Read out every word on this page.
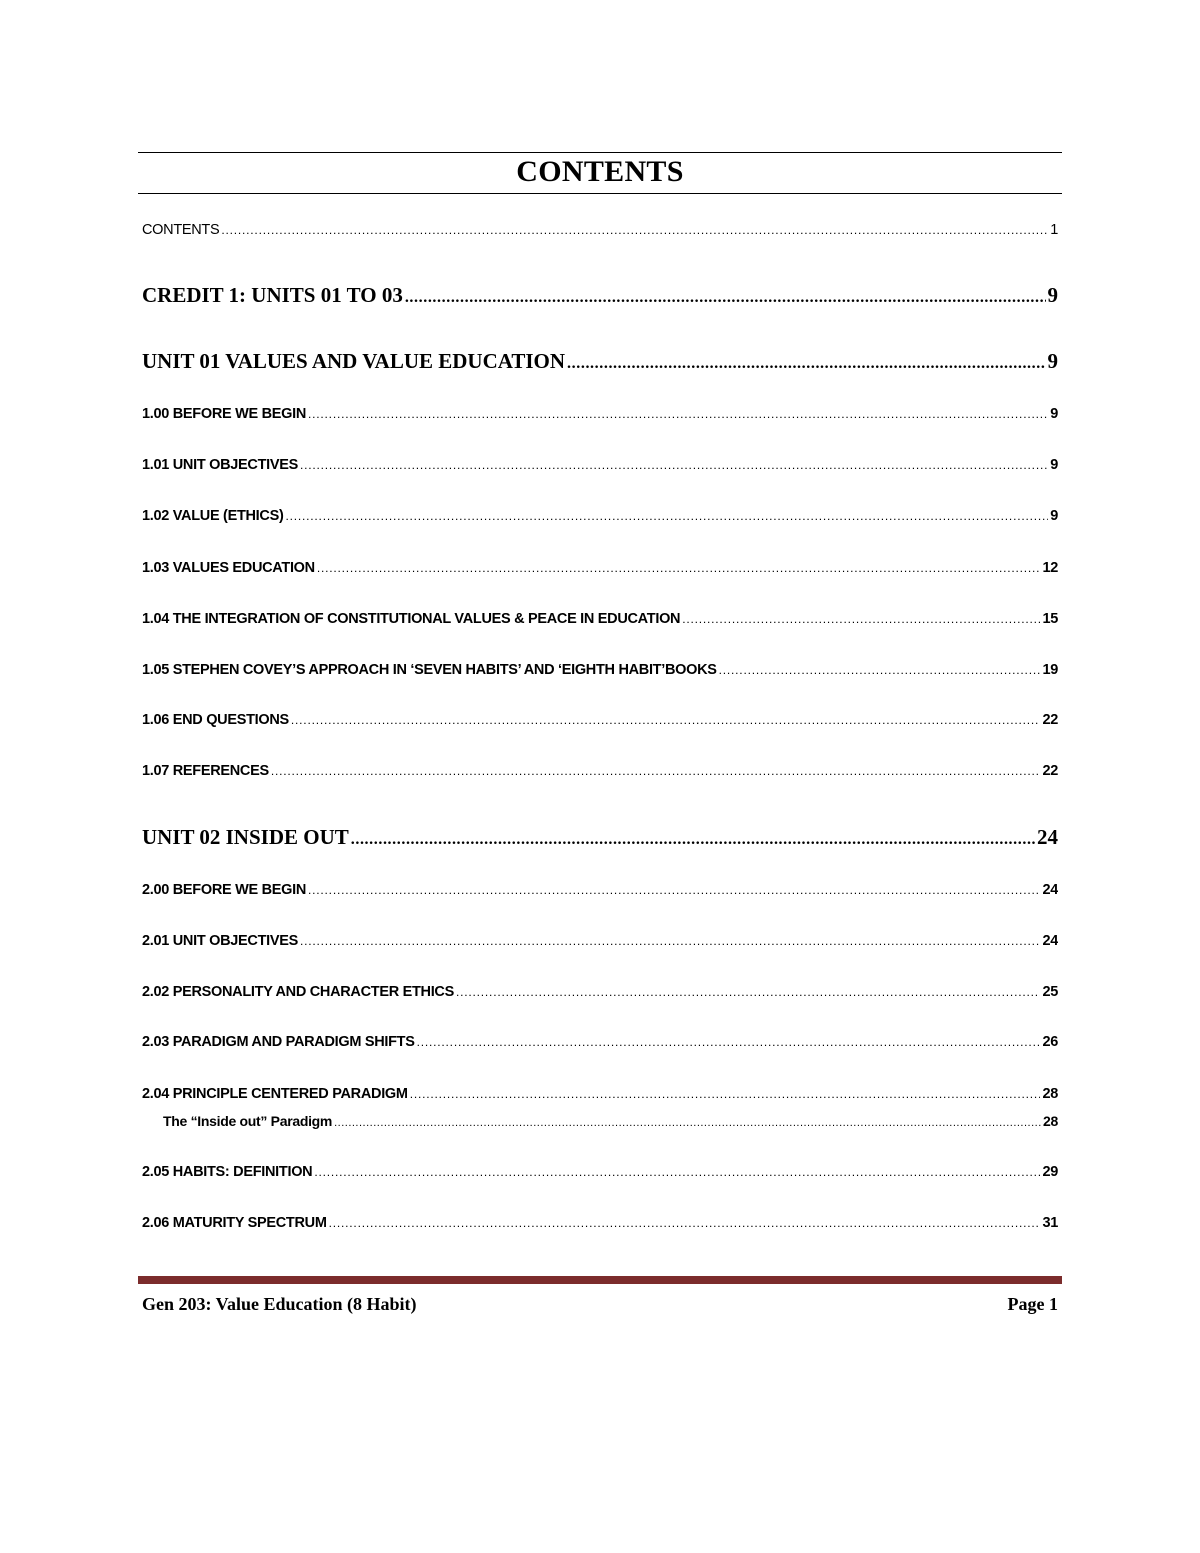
CONTENTS
CONTENTS .....	1
CREDIT 1: UNITS 01 TO 03 .....	9
UNIT 01 VALUES AND VALUE EDUCATION .....	9
1.00 BEFORE WE BEGIN .....	9
1.01 UNIT OBJECTIVES .....	9
1.02 VALUE (ETHICS) .....	9
1.03 VALUES EDUCATION .....	12
1.04 THE INTEGRATION OF CONSTITUTIONAL VALUES & PEACE IN EDUCATION .....	15
1.05 STEPHEN COVEY’S APPROACH IN ‘SEVEN HABITS’ AND ‘EIGHTH HABIT’BOOKS .....	19
1.06 END QUESTIONS .....	22
1.07 REFERENCES .....	22
UNIT 02 INSIDE OUT .....	24
2.00 BEFORE WE BEGIN .....	24
2.01 UNIT OBJECTIVES .....	24
2.02 PERSONALITY AND CHARACTER ETHICS .....	25
2.03 PARADIGM AND PARADIGM SHIFTS .....	26
2.04 PRINCIPLE CENTERED PARADIGM .....	28
The “Inside out” Paradigm .....	28
2.05 HABITS: DEFINITION .....	29
2.06 MATURITY SPECTRUM .....	31
Gen 203: Value Education (8 Habit)	Page 1
